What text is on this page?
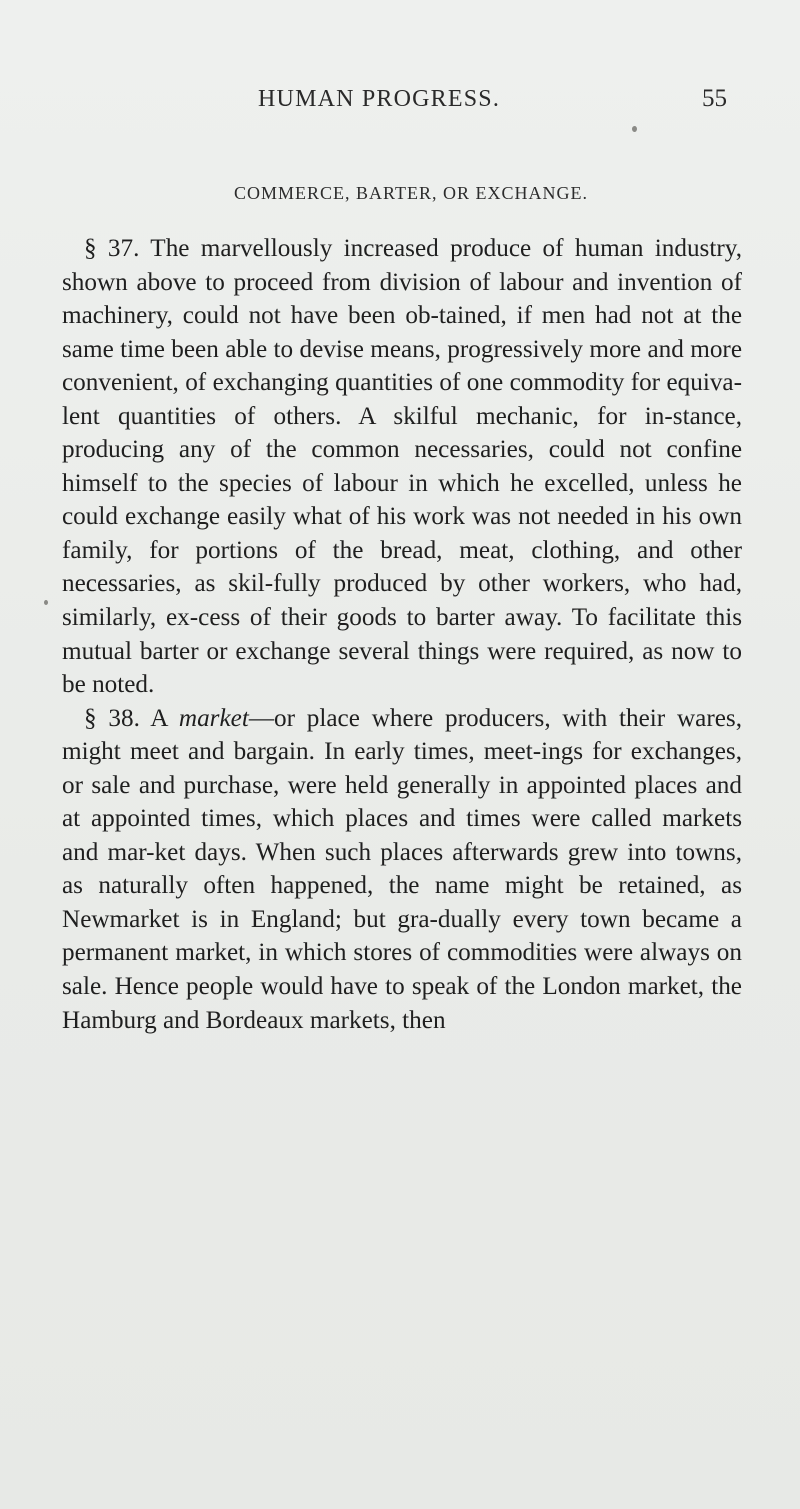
HUMAN PROGRESS.	55
COMMERCE, BARTER, OR EXCHANGE.

§ 37. The marvellously increased produce of human industry, shown above to proceed from division of labour and invention of machinery, could not have been ob-tained, if men had not at the same time been able to devise means, progressively more and more convenient, of exchanging quantities of one commodity for equiva-lent quantities of others. A skilful mechanic, for in-stance, producing any of the common necessaries, could not confine himself to the species of labour in which he excelled, unless he could exchange easily what of his work was not needed in his own family, for portions of the bread, meat, clothing, and other necessaries, as skil-fully produced by other workers, who had, similarly, ex-cess of their goods to barter away. To facilitate this mutual barter or exchange several things were required, as now to be noted.

§ 38. A market—or place where producers, with their wares, might meet and bargain. In early times, meet-ings for exchanges, or sale and purchase, were held generally in appointed places and at appointed times, which places and times were called markets and mar-ket days. When such places afterwards grew into towns, as naturally often happened, the name might be retained, as Newmarket is in England; but gra-dually every town became a permanent market, in which stores of commodities were always on sale. Hence people would have to speak of the London market, the Hamburg and Bordeaux markets, then
